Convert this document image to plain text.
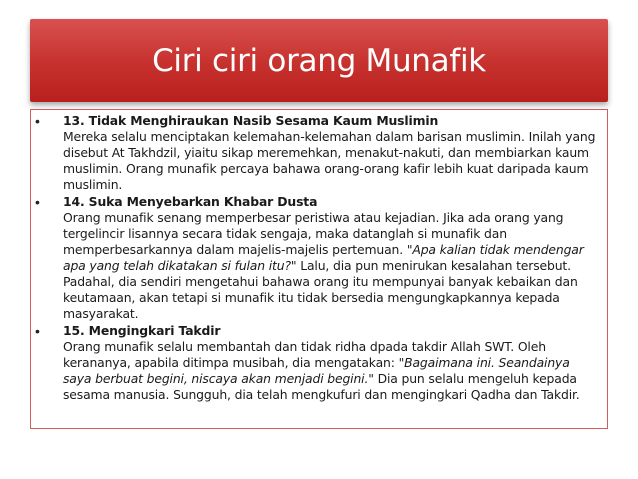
Ciri ciri orang Munafik
•	13. Tidak Menghiraukan Nasib Sesama Kaum Muslimin
Mereka selalu menciptakan kelemahan-kelemahan dalam barisan muslimin. Inilah yang disebut At Takhdzil, yiaitu sikap meremehkan, menakut-nakuti, dan membiarkan kaum muslimin. Orang munafik percaya bahawa orang-orang kafir lebih kuat daripada kaum muslimin.
•	14. Suka Menyebarkan Khabar Dusta
Orang munafik senang memperbesar peristiwa atau kejadian. Jika ada orang yang tergelincir lisannya secara tidak sengaja, maka datanglah si munafik dan memperbesarkannya dalam majelis-majelis pertemuan. "Apa kalian tidak mendengar apa yang telah dikatakan si fulan itu?" Lalu, dia pun menirukan kesalahan tersebut. Padahal, dia sendiri mengetahui bahawa orang itu mempunyai banyak kebaikan dan keutamaan, akan tetapi si munafik itu tidak bersedia mengungkapkannya kepada masyarakat.
•	15. Mengingkari Takdir
Orang munafik selalu membantah dan tidak ridha dpada takdir Allah SWT. Oleh kerananya, apabila ditimpa musibah, dia mengatakan: "Bagaimana ini. Seandainya saya berbuat begini, niscaya akan menjadi begini." Dia pun selalu mengeluh kepada sesama manusia. Sungguh, dia telah mengkufuri dan mengingkari Qadha dan Takdir.
